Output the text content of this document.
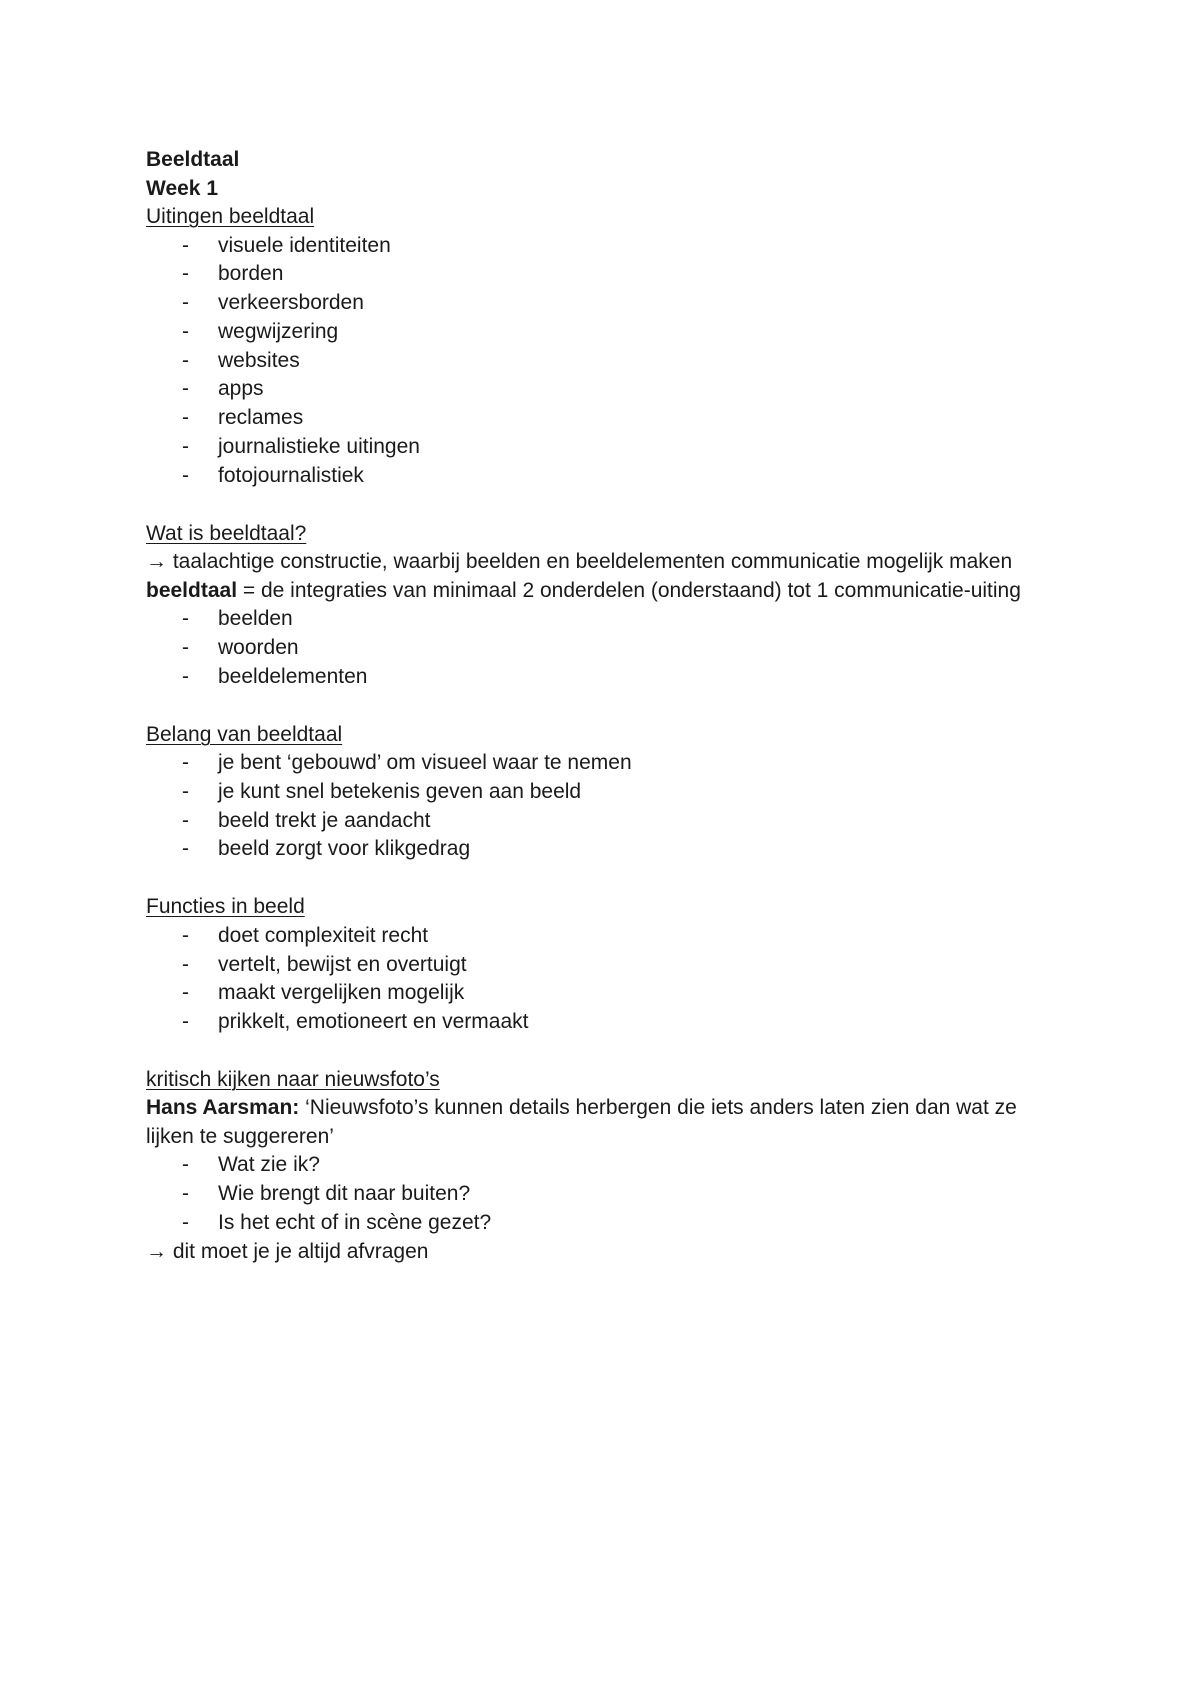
Beeldtaal
Week 1
Uitingen beeldtaal
- visuele identiteiten
- borden
- verkeersborden
- wegwijzering
- websites
- apps
- reclames
- journalistieke uitingen
- fotojournalistiek
Wat is beeldtaal?
→ taalachtige constructie, waarbij beelden en beeldelementen communicatie mogelijk maken
beeldtaal = de integraties van minimaal 2 onderdelen (onderstaand) tot 1 communicatie-uiting
- beelden
- woorden
- beeldelementen
Belang van beeldtaal
- je bent ‘gebouwd’ om visueel waar te nemen
- je kunt snel betekenis geven aan beeld
- beeld trekt je aandacht
- beeld zorgt voor klikgedrag
Functies in beeld
- doet complexiteit recht
- vertelt, bewijst en overtuigt
- maakt vergelijken mogelijk
- prikkelt, emotioneert en vermaakt
kritisch kijken naar nieuwsfoto’s
Hans Aarsman: ‘Nieuwsfoto’s kunnen details herbergen die iets anders laten zien dan wat ze lijken te suggereren’
- Wat zie ik?
- Wie brengt dit naar buiten?
- Is het echt of in scène gezet?
→ dit moet je je altijd afvragen
